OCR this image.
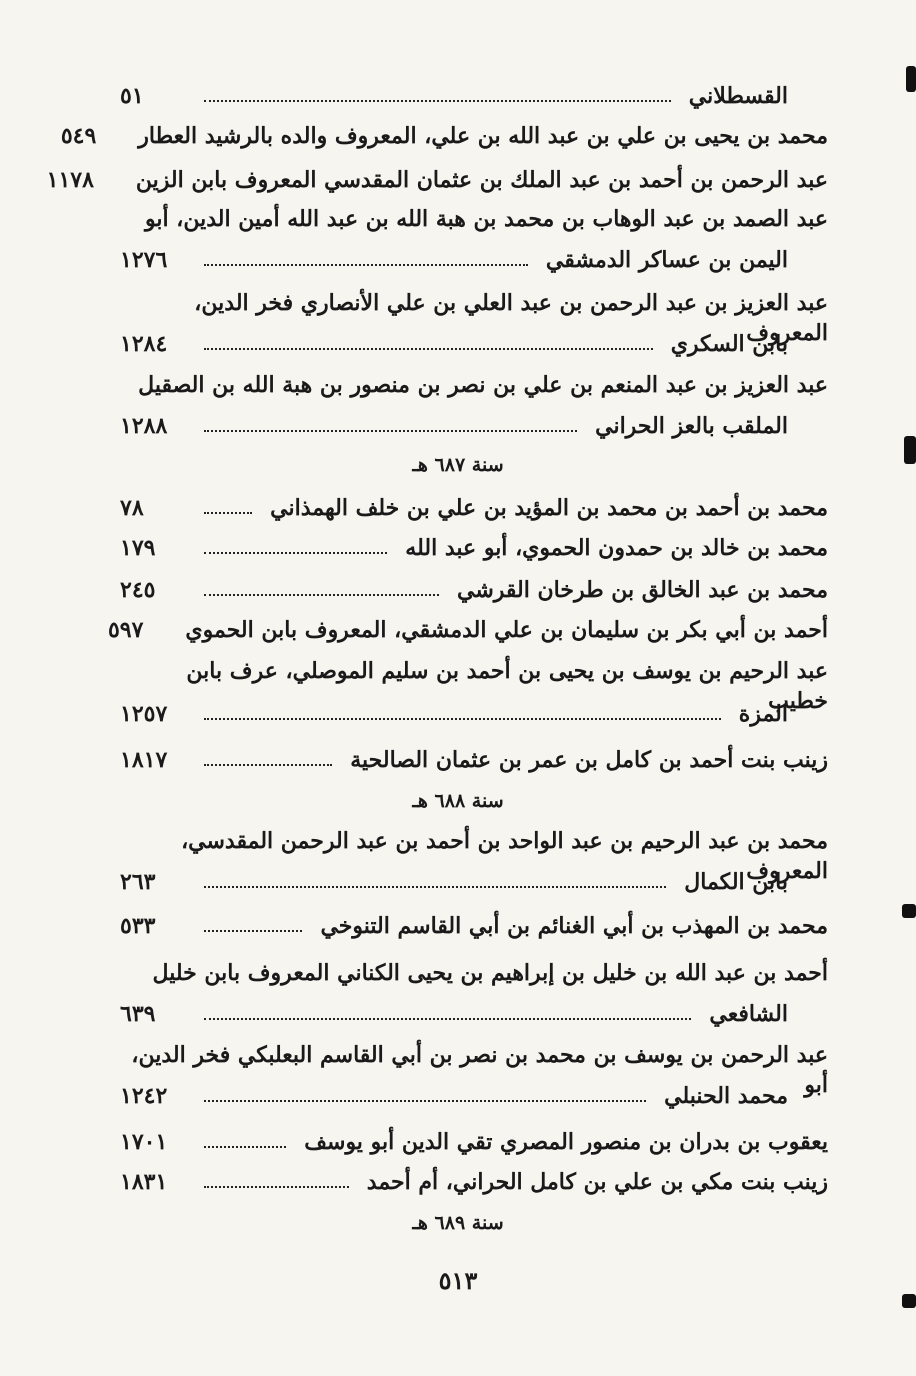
القسطلاني
٥١
محمد بن يحيى بن علي بن عبد الله بن علي، المعروف والده بالرشيد العطار
٥٤٩
عبد الرحمن بن أحمد بن عبد الملك بن عثمان المقدسي المعروف بابن الزين
١١٧٨
عبد الصمد بن عبد الوهاب بن محمد بن هبة الله بن عبد الله أمين الدين، أبو
اليمن بن عساكر الدمشقي
١٢٧٦
عبد العزيز بن عبد الرحمن بن عبد العلي بن علي الأنصاري فخر الدين، المعروف
بابن السكري
١٢٨٤
عبد العزيز بن عبد المنعم بن علي بن نصر بن منصور بن هبة الله بن الصقيل
الملقب بالعز الحراني
١٢٨٨
سنة ٦٨٧ هـ
محمد بن أحمد بن محمد بن المؤيد بن علي بن خلف الهمذاني
٧٨
محمد بن خالد بن حمدون الحموي، أبو عبد الله
١٧٩
محمد بن عبد الخالق بن طرخان القرشي
٢٤٥
أحمد بن أبي بكر بن سليمان بن علي الدمشقي، المعروف بابن الحموي
٥٩٧
عبد الرحيم بن يوسف بن يحيى بن أحمد بن سليم الموصلي، عرف بابن خطيب
المزة
١٢٥٧
زينب بنت أحمد بن كامل بن عمر بن عثمان الصالحية
١٨١٧
سنة ٦٨٨ هـ
محمد بن عبد الرحيم بن عبد الواحد بن أحمد بن عبد الرحمن المقدسي، المعروف
بابن الكمال
٢٦٣
محمد بن المهذب بن أبي الغنائم بن أبي القاسم التنوخي
٥٣٣
أحمد بن عبد الله بن خليل بن إبراهيم بن يحيى الكناني المعروف بابن خليل
الشافعي
٦٣٩
عبد الرحمن بن يوسف بن محمد بن نصر بن أبي القاسم البعلبكي فخر الدين، أبو
محمد الحنبلي
١٢٤٢
يعقوب بن بدران بن منصور المصري تقي الدين أبو يوسف
١٧٠١
زينب بنت مكي بن علي بن كامل الحراني، أم أحمد
١٨٣١
سنة ٦٨٩ هـ
٥١٣
